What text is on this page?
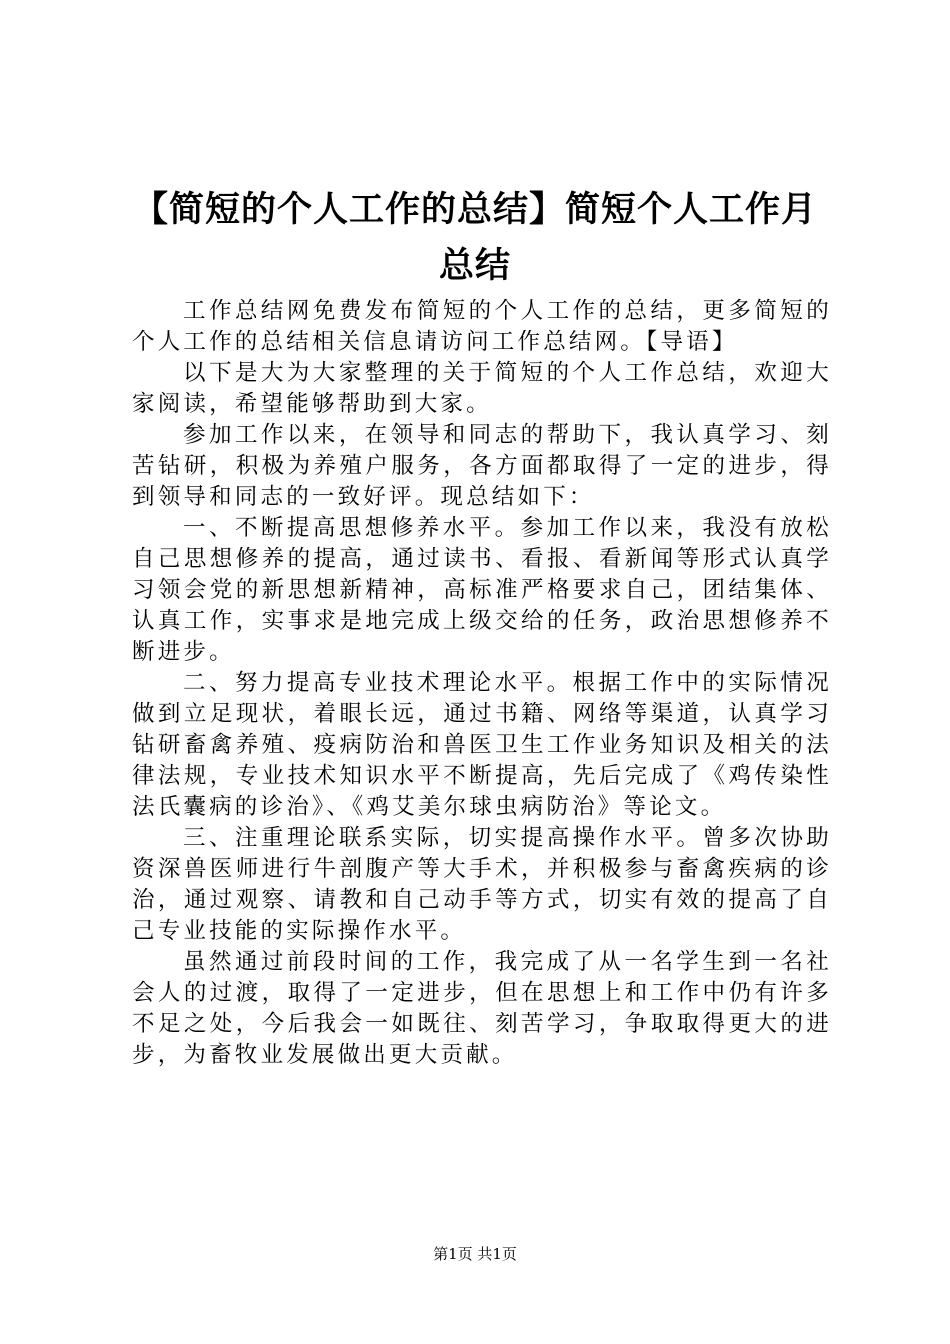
【简短的个人工作的总结】简短个人工作月总结

工作总结网免费发布简短的个人工作的总结，更多简短的个人工作的总结相关信息请访问工作总结网。【导语】

以下是大为大家整理的关于简短的个人工作总结，欢迎大家阅读，希望能够帮助到大家。

参加工作以来，在领导和同志的帮助下，我认真学习、刻苦钻研，积极为养殖户服务，各方面都取得了一定的进步，得到领导和同志的一致好评。现总结如下：

一、不断提高思想修养水平。参加工作以来，我没有放松自己思想修养的提高，通过读书、看报、看新闻等形式认真学习领会党的新思想新精神，高标准严格要求自己，团结集体、认真工作，实事求是地完成上级交给的任务，政治思想修养不断进步。

二、努力提高专业技术理论水平。根据工作中的实际情况做到立足现状，着眼长远，通过书籍、网络等渠道，认真学习钻研畜禽养殖、疫病防治和兽医卫生工作业务知识及相关的法律法规，专业技术知识水平不断提高，先后完成了《鸡传染性法氏囊病的诊治》、《鸡艾美尔球虫病防治》等论文。

三、注重理论联系实际，切实提高操作水平。曾多次协助资深兽医师进行牛剖腹产等大手术，并积极参与畜禽疾病的诊治，通过观察、请教和自己动手等方式，切实有效的提高了自己专业技能的实际操作水平。

虽然通过前段时间的工作，我完成了从一名学生到一名社会人的过渡，取得了一定进步，但在思想上和工作中仍有许多不足之处，今后我会一如既往、刻苦学习，争取取得更大的进步，为畜牧业发展做出更大贡献。

第1页 共1页
